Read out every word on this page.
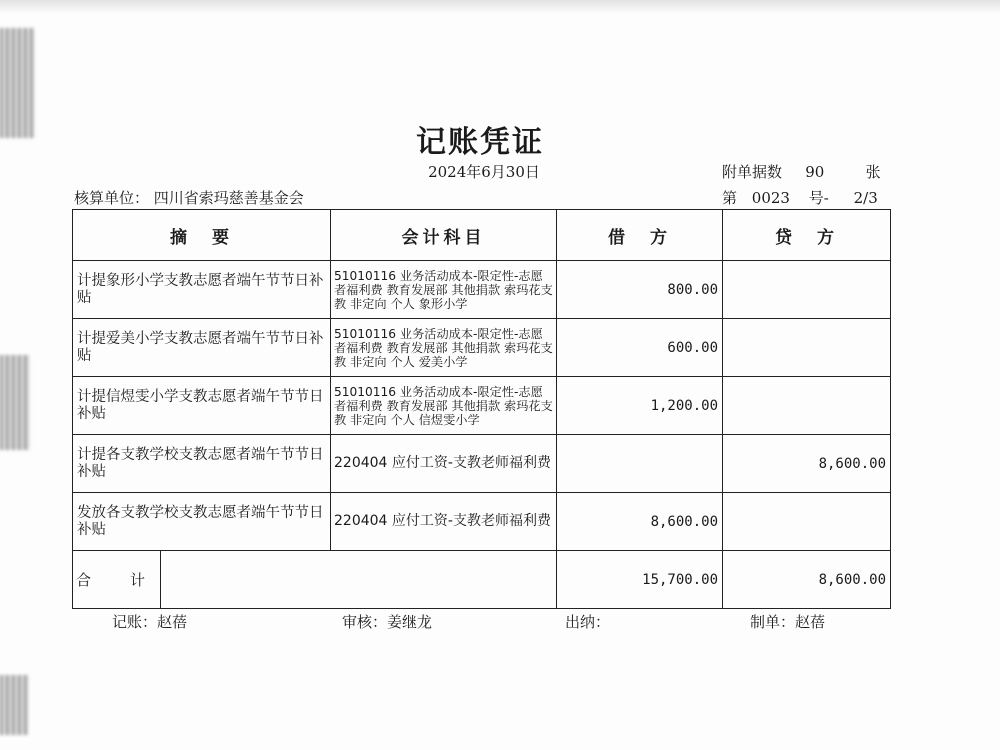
记账凭证
2024年6月30日	附单据数 90	张
核算单位： 四川省索玛慈善基金会	第 0023 号- 2/3
摘　要		会计科目	借　方	贷　方
计提象形小学支教志愿者端午节节日补贴		51010116 业务活动成本-限定性-志愿者福利费 教育发展部 其他捐款 索玛花支教 非定向 个人 象形小学	800.00	
计提爱美小学支教志愿者端午节节日补贴		51010116 业务活动成本-限定性-志愿者福利费 教育发展部 其他捐款 索玛花支教 非定向 个人 爱美小学	600.00	
计提信煜雯小学支教志愿者端午节节日补贴		51010116 业务活动成本-限定性-志愿者福利费 教育发展部 其他捐款 索玛花支教 非定向 个人 信煜雯小学	1,200.00	
计提各支教学校支教志愿者端午节节日补贴		220404 应付工资-支教老师福利费		8,600.00
发放各支教学校支教志愿者端午节节日补贴		220404 应付工资-支教老师福利费	8,600.00	
合　计			15,700.00	8,600.00
记账：赵蓓	审核：姜继龙	出纳：	制单：赵蓓
